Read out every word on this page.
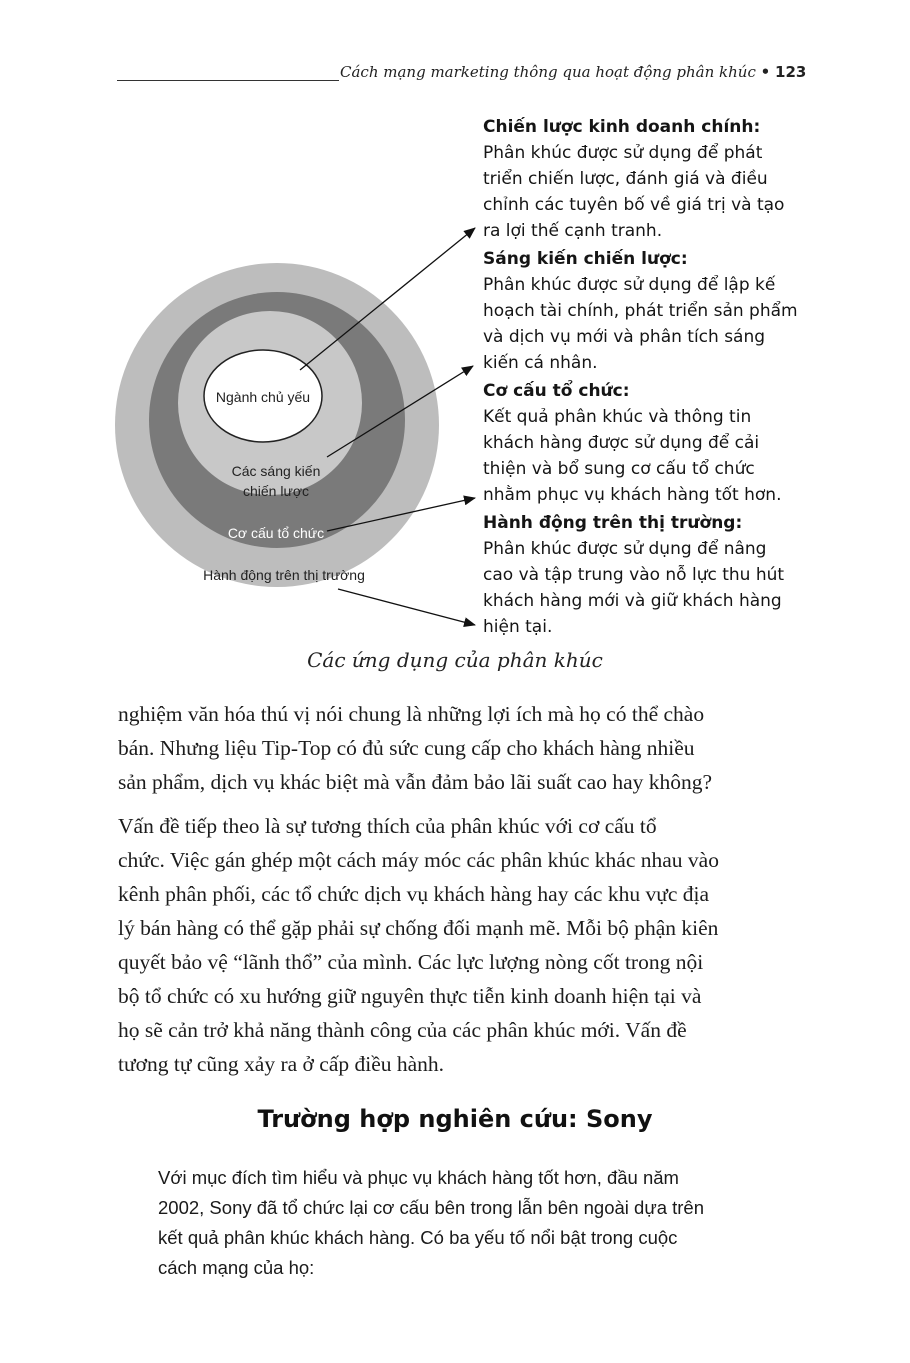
Cách mạng marketing thông qua hoạt động phân khúc • 123
Ngành chủ yếu
Các sáng kiến
chiến lược
Cơ cấu tổ chức
Hành động trên thị trường
Chiến lược kinh doanh chính:
Phân khúc được sử dụng để phát
triển chiến lược, đánh giá và điều
chỉnh các tuyên bố về giá trị và tạo
ra lợi thế cạnh tranh.
Sáng kiến chiến lược:
Phân khúc được sử dụng để lập kế
hoạch tài chính, phát triển sản phẩm
và dịch vụ mới và phân tích sáng
kiến cá nhân.
Cơ cấu tổ chức:
Kết quả phân khúc và thông tin
khách hàng được sử dụng để cải
thiện và bổ sung cơ cấu tổ chức
nhằm phục vụ khách hàng tốt hơn.
Hành động trên thị trường:
Phân khúc được sử dụng để nâng
cao và tập trung vào nỗ lực thu hút
khách hàng mới và giữ khách hàng
hiện tại.
Các ứng dụng của phân khúc

nghiệm văn hóa thú vị nói chung là những lợi ích mà họ có thể chào
bán. Nhưng liệu Tip-Top có đủ sức cung cấp cho khách hàng nhiều
sản phẩm, dịch vụ khác biệt mà vẫn đảm bảo lãi suất cao hay không?

Vấn đề tiếp theo là sự tương thích của phân khúc với cơ cấu tổ
chức. Việc gán ghép một cách máy móc các phân khúc khác nhau vào
kênh phân phối, các tổ chức dịch vụ khách hàng hay các khu vực địa
lý bán hàng có thể gặp phải sự chống đối mạnh mẽ. Mỗi bộ phận kiên
quyết bảo vệ “lãnh thổ” của mình. Các lực lượng nòng cốt trong nội
bộ tổ chức có xu hướng giữ nguyên thực tiễn kinh doanh hiện tại và
họ sẽ cản trở khả năng thành công của các phân khúc mới. Vấn đề
tương tự cũng xảy ra ở cấp điều hành.

Trường hợp nghiên cứu: Sony

Với mục đích tìm hiểu và phục vụ khách hàng tốt hơn, đầu năm
2002, Sony đã tổ chức lại cơ cấu bên trong lẫn bên ngoài dựa trên
kết quả phân khúc khách hàng. Có ba yếu tố nổi bật trong cuộc
cách mạng của họ:
